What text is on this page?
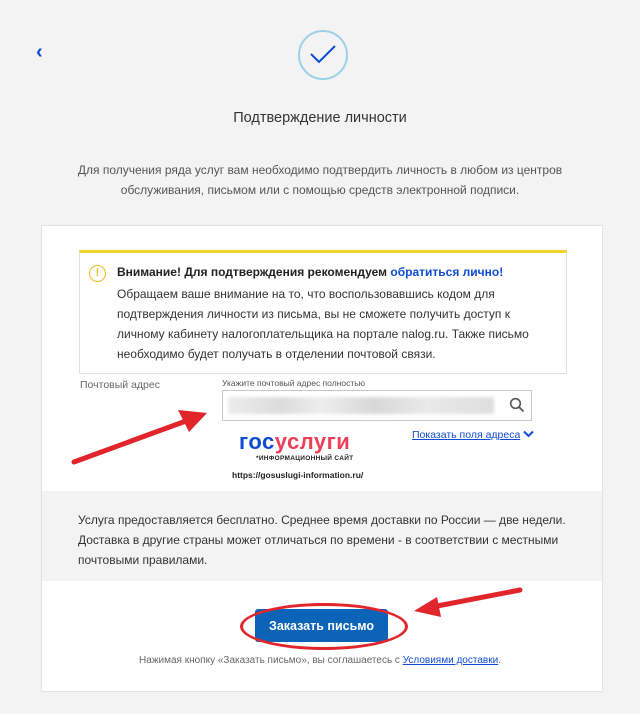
‹
Подтверждение личности
Для получения ряда услуг вам необходимо подтвердить личность в любом из центров обслуживания, письмом или с помощью средств электронной подписи.
!	Внимание! Для подтверждения рекомендуем обратиться лично!
Обращаем ваше внимание на то, что воспользовавшись кодом для подтверждения личности из письма, вы не сможете получить доступ к личному кабинету налогоплательщика на портале nalog.ru. Также письмо необходимо будет получать в отделении почтовой связи.
Почтовый адрес	Укажите почтовый адрес полностью
Показать поля адреса
госуслуги
*ИНФОРМАЦИОННЫЙ САЙТ
https://gosuslugi-information.ru/
Услуга предоставляется бесплатно. Среднее время доставки по России — две недели. Доставка в другие страны может отличаться по времени - в соответствии с местными почтовыми правилами.
Заказать письмо
Нажимая кнопку «Заказать письмо», вы соглашаетесь с Условиями доставки.
